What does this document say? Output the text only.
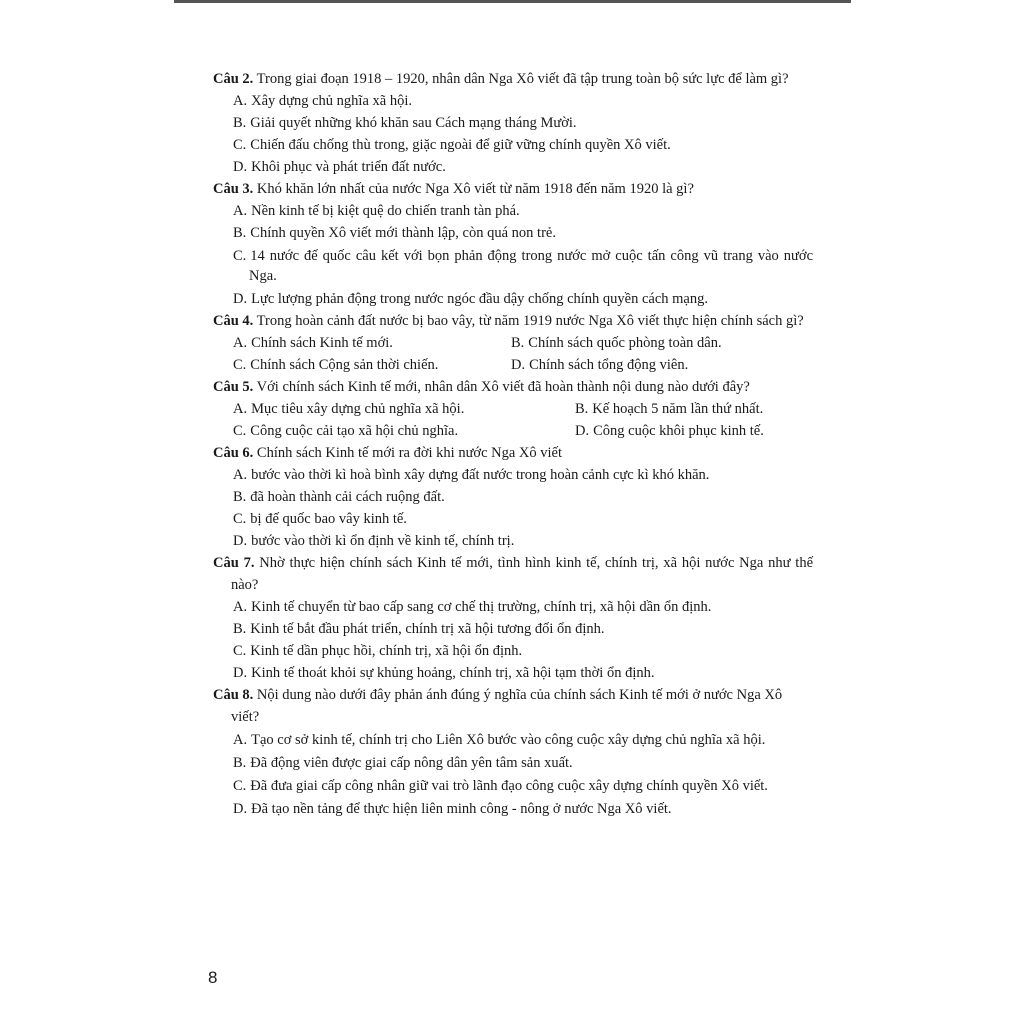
Câu 2. Trong giai đoạn 1918 – 1920, nhân dân Nga Xô viết đã tập trung toàn bộ sức lực để làm gì?

A. Xây dựng chủ nghĩa xã hội.

B. Giải quyết những khó khăn sau Cách mạng tháng Mười.

C. Chiến đấu chống thù trong, giặc ngoài để giữ vững chính quyền Xô viết.

D. Khôi phục và phát triển đất nước.

Câu 3. Khó khăn lớn nhất của nước Nga Xô viết từ năm 1918 đến năm 1920 là gì?

A. Nền kinh tế bị kiệt quệ do chiến tranh tàn phá.

B. Chính quyền Xô viết mới thành lập, còn quá non trẻ.

C. 14 nước đế quốc câu kết với bọn phản động trong nước mở cuộc tấn công vũ trang vào nước Nga.

D. Lực lượng phản động trong nước ngóc đầu dậy chống chính quyền cách mạng.

Câu 4. Trong hoàn cảnh đất nước bị bao vây, từ năm 1919 nước Nga Xô viết thực hiện chính sách gì?

A. Chính sách Kinh tế mới.	B. Chính sách quốc phòng toàn dân.
C. Chính sách Cộng sản thời chiến.	D. Chính sách tổng động viên.

Câu 5. Với chính sách Kinh tế mới, nhân dân Xô viết đã hoàn thành nội dung nào dưới đây?

A. Mục tiêu xây dựng chủ nghĩa xã hội.	B. Kế hoạch 5 năm lần thứ nhất.
C. Công cuộc cải tạo xã hội chủ nghĩa.	D. Công cuộc khôi phục kinh tế.

Câu 6. Chính sách Kinh tế mới ra đời khi nước Nga Xô viết

A. bước vào thời kì hoà bình xây dựng đất nước trong hoàn cảnh cực kì khó khăn.

B. đã hoàn thành cải cách ruộng đất.

C. bị đế quốc bao vây kinh tế.

D. bước vào thời kì ổn định về kinh tế, chính trị.

Câu 7. Nhờ thực hiện chính sách Kinh tế mới, tình hình kinh tế, chính trị, xã hội nước Nga như thế nào?

A. Kinh tế chuyển từ bao cấp sang cơ chế thị trường, chính trị, xã hội dần ổn định.

B. Kinh tế bắt đầu phát triển, chính trị xã hội tương đối ổn định.

C. Kinh tế dần phục hồi, chính trị, xã hội ổn định.

D. Kinh tế thoát khỏi sự khủng hoảng, chính trị, xã hội tạm thời ổn định.

Câu 8. Nội dung nào dưới đây phản ánh đúng ý nghĩa của chính sách Kinh tế mới ở nước Nga Xô viết?

A. Tạo cơ sở kinh tế, chính trị cho Liên Xô bước vào công cuộc xây dựng chủ nghĩa xã hội.

B. Đã động viên được giai cấp nông dân yên tâm sản xuất.

C. Đã đưa giai cấp công nhân giữ vai trò lãnh đạo công cuộc xây dựng chính quyền Xô viết.

D. Đã tạo nền tảng để thực hiện liên minh công - nông ở nước Nga Xô viết.

8
